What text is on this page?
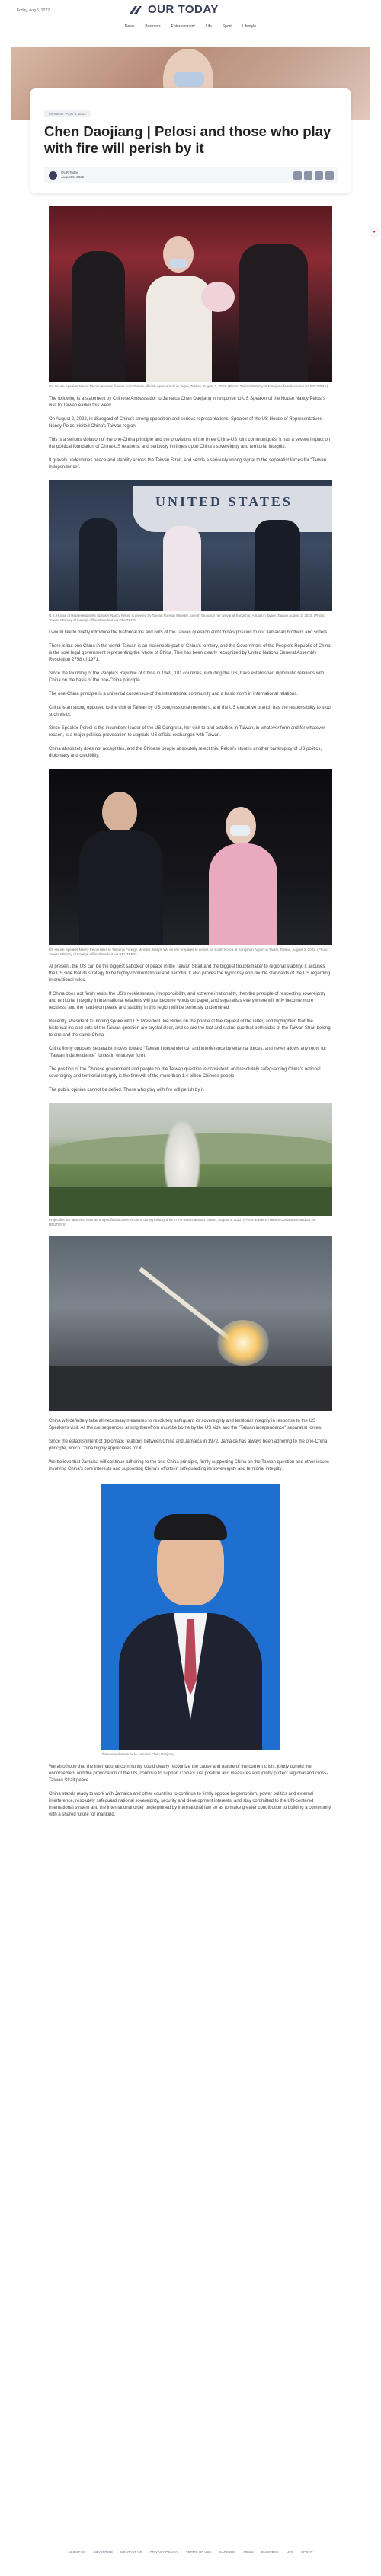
Friday, Aug 5, 2022	OUR TODAY
News	Business	Entertainment	Life	Sport	Lifestyle
OPINION · AUG 5, 2022
Chen Daojiang | Pelosi and those who play with fire will perish by it
OUR Today
August 5, 2022
●

US House Speaker Nancy Pelosi receives flowers from Taiwan officials upon arrival in Taipei, Taiwan, August 2, 2022. (Photo: Taiwan Ministry of Foreign Affairs/Handout via REUTERS)

The following is a statement by Chinese Ambassador to Jamaica Chen Daojiang in response to US Speaker of the House Nancy Pelosi's visit to Taiwan earlier this week.

On August 2, 2022, in disregard of China's strong opposition and serious representations, Speaker of the US House of Representatives Nancy Pelosi visited China's Taiwan region.

This is a serious violation of the one-China principle and the provisions of the three China-US joint communiqués. It has a severe impact on the political foundation of China-US relations, and seriously infringes upon China's sovereignty and territorial integrity.

It gravely undermines peace and stability across the Taiwan Strait, and sends a seriously wrong signal to the separatist forces for “Taiwan independence”.

UNITED STATES

U.S. House of Representatives Speaker Nancy Pelosi is greeted by Taiwan Foreign Minister Joseph Wu upon her arrival at Songshan Airport in Taipei, Taiwan August 2, 2022. (Photo: Taiwan Ministry of Foreign Affairs/Handout via REUTERS)

I would like to briefly introduce the historical ins and outs of the Taiwan question and China's position to our Jamaican brothers and sisters.

There is but one China in the world, Taiwan is an inalienable part of China's territory, and the Government of the People's Republic of China is the sole legal government representing the whole of China. This has been clearly recognized by United Nations General Assembly Resolution 2758 of 1971.

Since the founding of the People's Republic of China in 1949, 181 countries, including the US, have established diplomatic relations with China on the basis of the one-China principle.

The one-China principle is a universal consensus of the international community and a basic norm in international relations.

China is an strong opposed to the visit to Taiwan by US congressional members, and the US executive branch has the responsibility to stop such visits.

Since Speaker Pelosi is the incumbent leader of the US Congress, her visit to and activities in Taiwan, in whatever form and for whatever reason, is a major political provocation to upgrade US official exchanges with Taiwan.

China absolutely does not accept this, and the Chinese people absolutely reject this. Pelosi's stunt is another bankruptcy of US politics, diplomacy and credibility.

US House Speaker Nancy Pelosi talks to Taiwan's Foreign Minister Joseph Wu as she prepares to depart for South Korea at Songshan Airport in Taipei, Taiwan, August 3, 2022. (Photo: Taiwan Ministry of Foreign Affairs/Handout via REUTERS)

At present, the US can be the biggest saboteur of peace in the Taiwan Strait and the biggest troublemaker to regional stability. It accuses the US side that its strategy to be highly confrontational and harmful. It also proves the hypocrisy and double standards of the US regarding international rules.

If China does not firmly resist the US's recklessness, irresponsibility, and extreme irrationality, then the principle of respecting sovereignty and territorial integrity in international relations will just become words on paper, and separatists everywhere will only become more reckless, and the hard-won peace and stability in this region will be seriously undermined.

Recently, President Xi Jinping spoke with US President Joe Biden on the phone at the request of the latter, and highlighted that the historical ins and outs of the Taiwan question are crystal clear, and so are the fact and status quo that both sides of the Taiwan Strait belong to one and the same China.

China firmly opposes separatist moves toward “Taiwan independence” and interference by external forces, and never allows any room for “Taiwan independence” forces in whatever form.

The position of the Chinese government and people on the Taiwan question is consistent, and resolutely safeguarding China's national sovereignty and territorial integrity is the firm will of the more than 1.4 billion Chinese people.

The public opinion cannot be defied. Those who play with fire will perish by it.

Projectiles are launched from an unspecified location in China during military drills in the waters around Taiwan, August 4, 2022. (Photo: Eastern Theatre Command/Handout via REUTERS)

China will definitely take all necessary measures to resolutely safeguard its sovereignty and territorial integrity in response to the US Speaker's visit. All the consequences arising therefrom must be borne by the US side and the “Taiwan independence” separatist forces.

Since the establishment of diplomatic relations between China and Jamaica in 1972, Jamaica has always been adhering to the one-China principle, which China highly appreciates for it.

We believe that Jamaica will continue adhering to the one-China principle, firmly supporting China on the Taiwan question and other issues involving China's core interests and supporting China's efforts in safeguarding its sovereignty and territorial integrity.

Chinese Ambassador to Jamaica Chen Daojiang

We also hope that the international community could clearly recognize the cause and nature of the current crisis, jointly uphold the endorsement and the provocation of the US, continue to support China's just position and measures and jointly protect regional and cross-Taiwan Strait peace.

China stands ready to work with Jamaica and other countries to continue to firmly oppose hegemonism, power politics and external interference, resolutely safeguard national sovereignty, security and development interests, and stay committed to the UN-centered international system and the international order underpinned by international law so as to make greater contribution to building a community with a shared future for mankind.

ABOUT US ADVERTISE CONTACT US PRIVACY POLICY TERMS OF USE CAREERS NEWS BUSINESS LIFE SPORT
